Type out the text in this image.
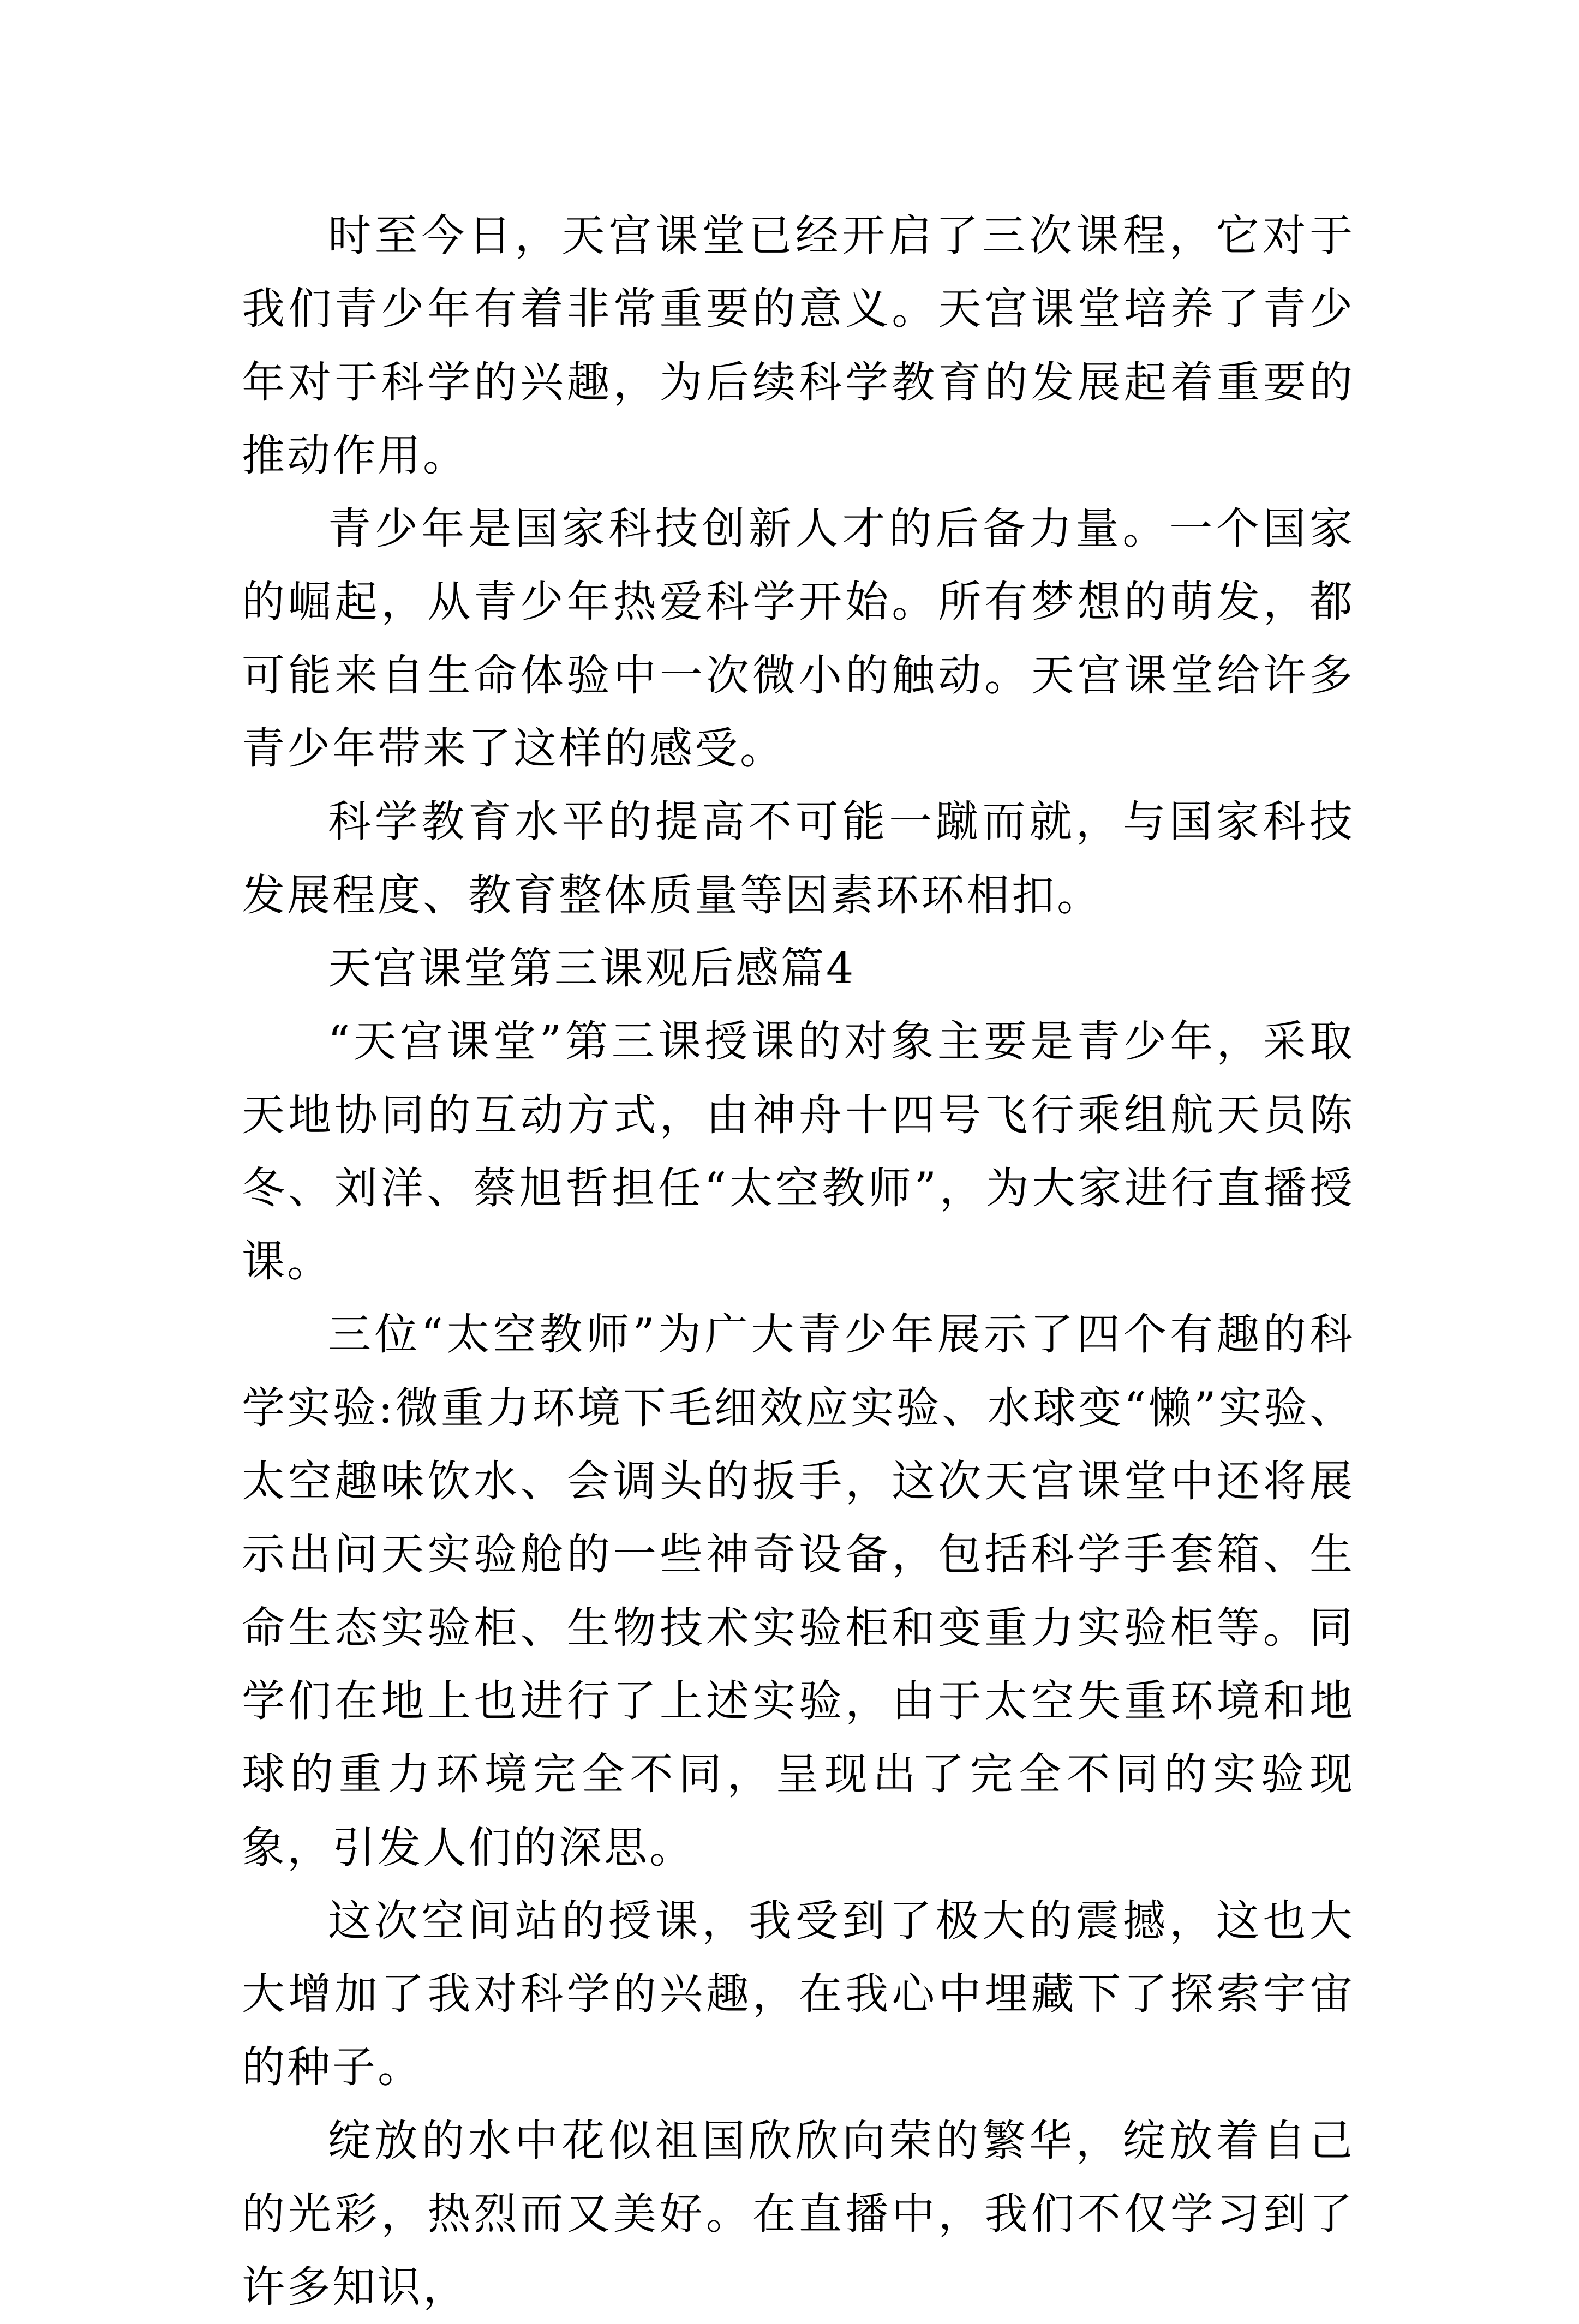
时至今日，天宫课堂已经开启了三次课程，它对于我们青少年有着非常重要的意义。天宫课堂培养了青少年对于科学的兴趣，为后续科学教育的发展起着重要的推动作用。

青少年是国家科技创新人才的后备力量。一个国家的崛起，从青少年热爱科学开始。所有梦想的萌发，都可能来自生命体验中一次微小的触动。天宫课堂给许多青少年带来了这样的感受。

科学教育水平的提高不可能一蹴而就，与国家科技发展程度、教育整体质量等因素环环相扣。

天宫课堂第三课观后感篇4

“天宫课堂”第三课授课的对象主要是青少年，采取天地协同的互动方式，由神舟十四号飞行乘组航天员陈冬、刘洋、蔡旭哲担任“太空教师”，为大家进行直播授课。

三位“太空教师”为广大青少年展示了四个有趣的科学实验:微重力环境下毛细效应实验、水球变“懒”实验、太空趣味饮水、会调头的扳手，这次天宫课堂中还将展示出问天实验舱的一些神奇设备，包括科学手套箱、生命生态实验柜、生物技术实验柜和变重力实验柜等。同学们在地上也进行了上述实验，由于太空失重环境和地球的重力环境完全不同，呈现出了完全不同的实验现象，引发人们的深思。

这次空间站的授课，我受到了极大的震撼，这也大大增加了我对科学的兴趣，在我心中埋藏下了探索宇宙的种子。

绽放的水中花似祖国欣欣向荣的繁华，绽放着自己的光彩，热烈而又美好。在直播中，我们不仅学习到了许多知识，
